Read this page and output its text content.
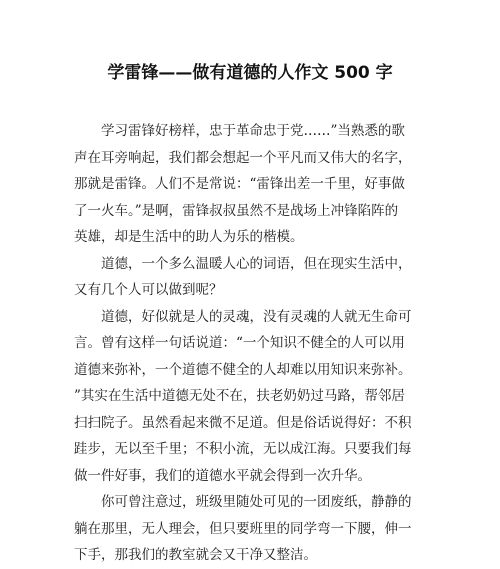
学雷锋——做有道德的人作文 500 字
学习雷锋好榜样，忠于革命忠于党……”当熟悉的歌
声在耳旁响起，我们都会想起一个平凡而又伟大的名字，
那就是雷锋。人们不是常说：“雷锋出差一千里，好事做
了一火车。”是啊，雷锋叔叔虽然不是战场上冲锋陷阵的
英雄，却是生活中的助人为乐的楷模。
道德，一个多么温暖人心的词语，但在现实生活中，
又有几个人可以做到呢？
道德，好似就是人的灵魂，没有灵魂的人就无生命可
言。曾有这样一句话说道：“一个知识不健全的人可以用
道德来弥补，一个道德不健全的人却难以用知识来弥补。
”其实在生活中道德无处不在，扶老奶奶过马路，帮邻居
扫扫院子。虽然看起来微不足道。但是俗话说得好：不积
跬步，无以至千里；不积小流，无以成江海。只要我们每
做一件好事，我们的道德水平就会得到一次升华。
你可曾注意过，班级里随处可见的一团废纸，静静的
躺在那里，无人理会，但只要班里的同学弯一下腰，伸一
下手，那我们的教室就会又干净又整洁。
